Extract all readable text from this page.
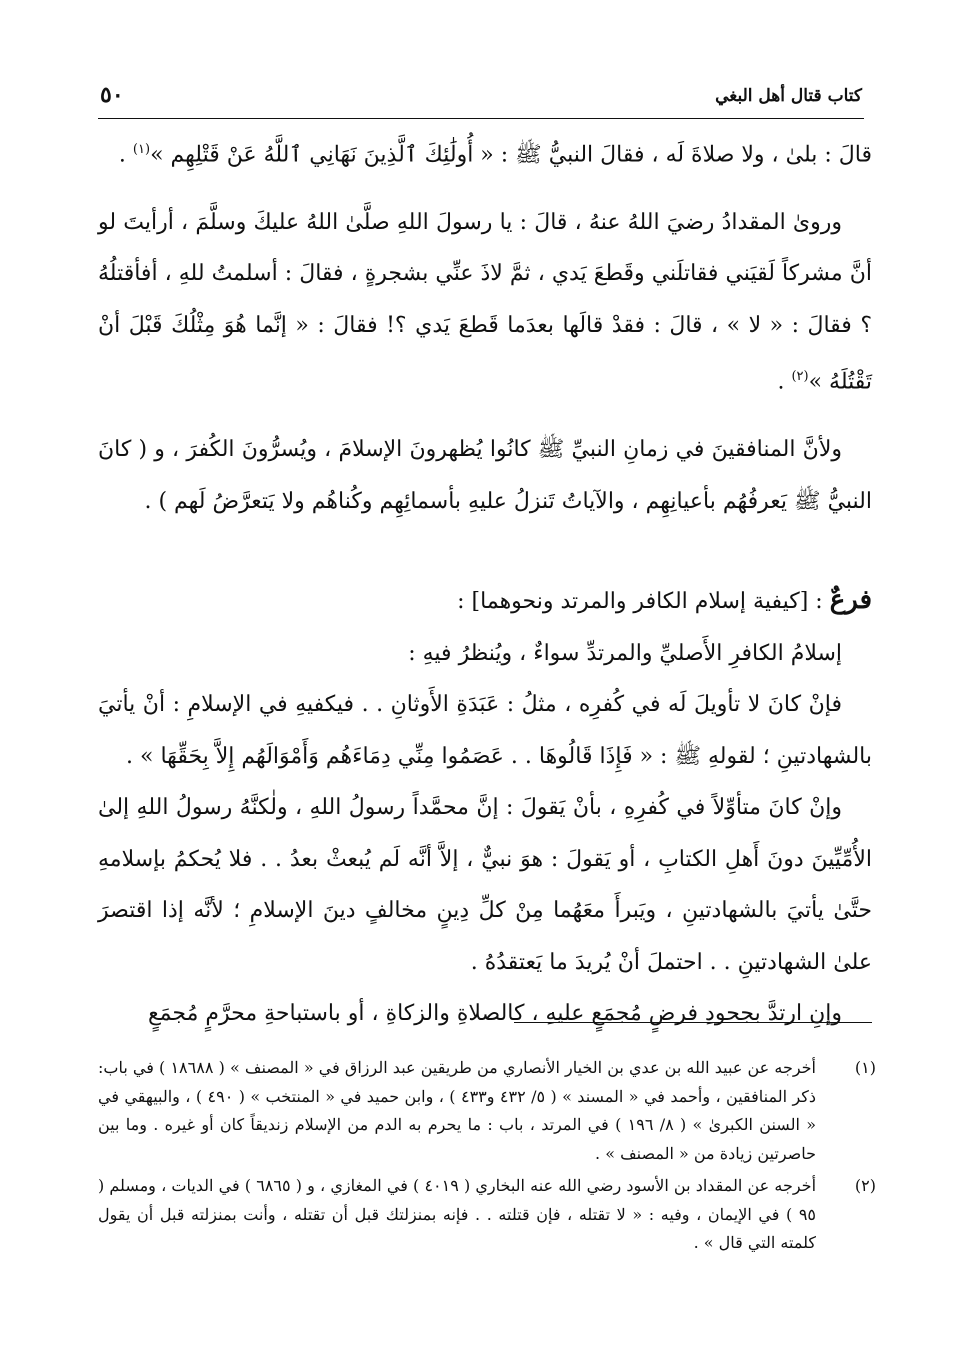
كتاب قتال أهل البغي
٥٠

قالَ : بلىٰ ، ولا صلاةَ لَه ، فقالَ النبيُّ ﷺ : « أُولَٰئِكَ ٱلَّذِينَ نَهَانِي ٱللَّهُ عَنْ قَتْلِهِم »$^{(١)}$ .

وروىٰ المقدادُ رضيَ اللهُ عنهُ ، قالَ : يا رسولَ اللهِ صلَّىٰ اللهُ عليكَ وسلَّمَ ، أرأيتَ لو أنَّ مشركاً لَقيَني فقاتلَني وقَطعَ يَدي ، ثمَّ لاذَ عنِّي بشجرةٍ ، فقالَ : أسلمتُ للهِ ، أفأقتلُهُ ؟ فقالَ : « لا » ، قالَ : فقدْ قالَها بعدَما قَطعَ يَدي ؟! فقالَ : « إنَّما هُوَ مِثْلُكَ قَبْلَ أنْ تَقْتُلَهُ »$^{(٢)}$ .

ولأنَّ المنافقينَ في زمانِ النبيِّ ﷺ كانُوا يُظهرونَ الإسلامَ ، ويُسرُّونَ الكُفرَ ، و ( كانَ النبيُّ ﷺ يَعرفُهُم بأعيانِهِم ، والآياتُ تَنزلُ عليهِ بأسمائِهِم وكُناهُم ولا يَتعرَّضُ لَهم ) .

فرعٌ : [كيفية إسلام الكافر والمرتد ونحوهما] :

إسلامُ الكافرِ الأَصليِّ والمرتدِّ سواءٌ ، ويُنظرُ فيهِ :

فإنْ كانَ لا تأويلَ لَه في كُفرِه ، مثلُ : عَبَدَةِ الأَوثانِ . . فيكفيهِ في الإسلامِ : أنْ يأتيَ بالشهادتينِ ؛ لقولهِ ﷺ : « فَإِذَا قَالُوهَا . . عَصَمُوا مِنِّي دِمَاءَهُم وَأَمْوَالَهُم إِلاَّ بِحَقِّهَا » .

وإنْ كانَ متأوِّلاً في كُفرِهِ ، بأنْ يَقولَ : إنَّ محمَّداً رسولُ اللهِ ، ولٰكنَّهُ رسولُ اللهِ إلىٰ الأُمِّيِّينَ دونَ أَهلِ الكتابِ ، أو يَقولَ : هوَ نبيٌّ ، إلاَّ أنَّه لَم يُبعثْ بعدُ . . فلا يُحكمُ بإسلامهِ حتَّىٰ يأتيَ بالشهادتينِ ، ويَبرأَ معَهُما مِنْ كلِّ دِينٍ مخالفٍ دينَ الإسلامِ ؛ لأنَّه إذا اقتصرَ علىٰ الشهادتينِ . . احتملَ أنْ يُريدَ ما يَعتقدُهُ .

وإنِ ارتدَّ بجحودِ فرضٍ مُجمَعٍ عليهِ ، كالصلاةِ والزكاةِ ، أو باستباحةِ محرَّمٍ مُجمَعٍ

(١)
أخرجه عن عبيد الله بن عدي بن الخيار الأنصاري من طريقين عبد الرزاق في « المصنف » ( ١٨٦٨٨ ) في باب: ذكر المنافقين ، وأحمد في « المسند » ( ٥/ ٤٣٢ و٤٣٣ ) ، وابن حميد في « المنتخب » ( ٤٩٠ ) ، والبيهقي في « السنن الكبرىٰ » ( ٨/ ١٩٦ ) في المرتد ، باب : ما يحرم به الدم من الإسلام زنديقاً كان أو غيره . وما بين حاصرتين زيادة من « المصنف » .
(٢)
أخرجه عن المقداد بن الأسود رضي الله عنه البخاري ( ٤٠١٩ ) في المغازي ، و ( ٦٨٦٥ ) في الديات ، ومسلم ( ٩٥ ) في الإيمان ، وفيه : « لا تقتله ، فإن قتلته . . فإنه بمنزلتك قبل أن تقتله ، وأنت بمنزلته قبل أن يقول كلمته التي قال » .
